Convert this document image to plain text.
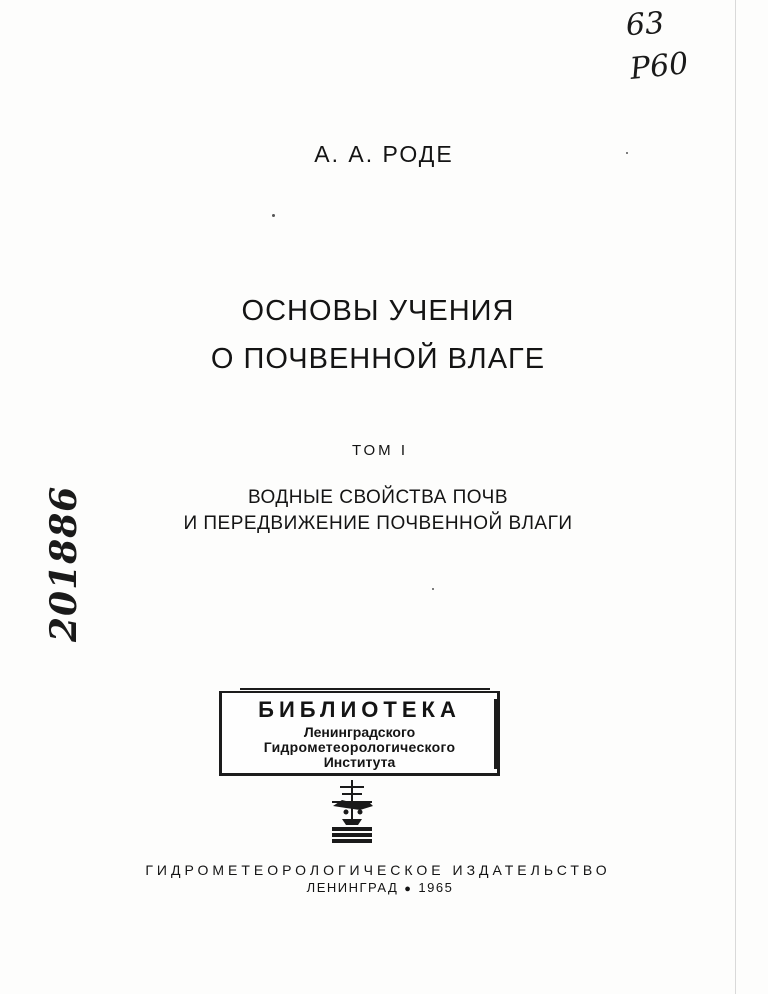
63
Р60
201886
А. А. РОДЕ
ОСНОВЫ УЧЕНИЯ
О ПОЧВЕННОЙ ВЛАГЕ
ТОМ I
ВОДНЫЕ СВОЙСТВА ПОЧВ
И ПЕРЕДВИЖЕНИЕ ПОЧВЕННОЙ ВЛАГИ
БИБЛИОТЕКА
Ленинградского
Гидрометеорологического
Института
ГИДРОМЕТЕОРОЛОГИЧЕСКОЕ ИЗДАТЕЛЬСТВО
ЛЕНИНГРАД ● 1965
